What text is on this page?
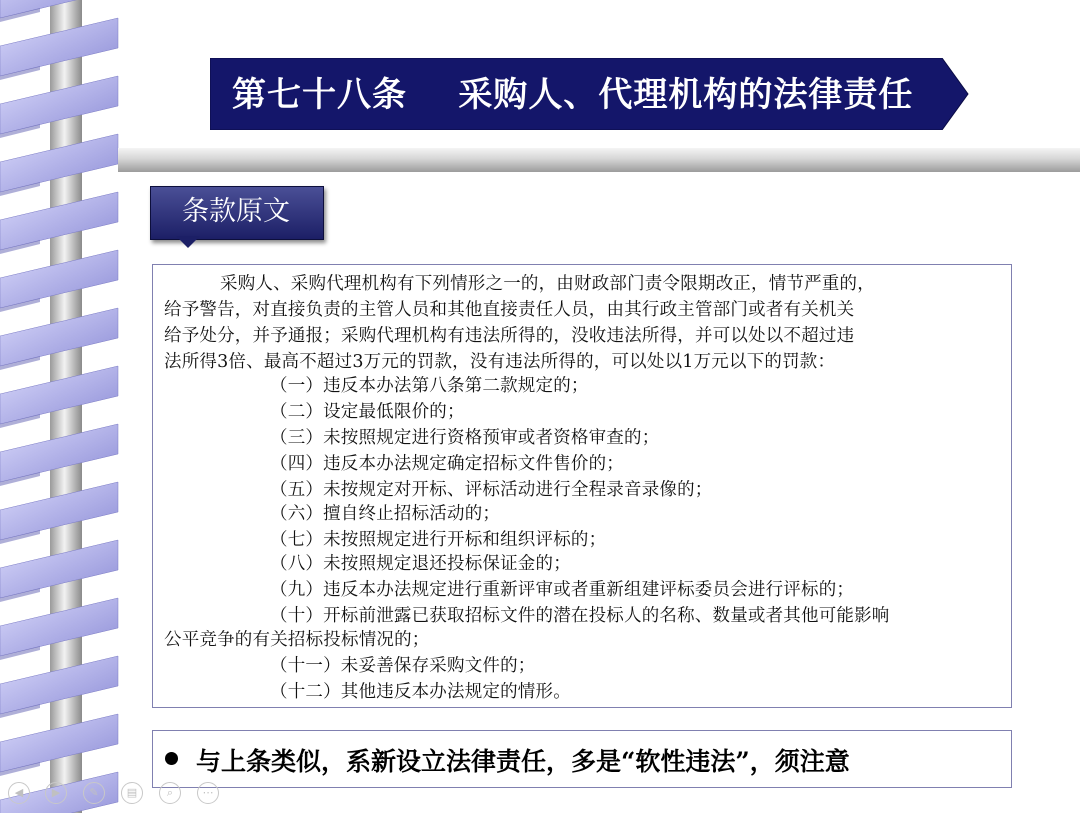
第七十八条 采购人、代理机构的法律责任
条款原文
采购人、采购代理机构有下列情形之一的，由财政部门责令限期改正，情节严重的，
给予警告，对直接负责的主管人员和其他直接责任人员，由其行政主管部门或者有关机关
给予处分，并予通报；采购代理机构有违法所得的，没收违法所得，并可以处以不超过违
法所得3倍、最高不超过3万元的罚款，没有违法所得的，可以处以1万元以下的罚款：
（一）违反本办法第八条第二款规定的；
（二）设定最低限价的；
（三）未按照规定进行资格预审或者资格审查的；
（四）违反本办法规定确定招标文件售价的；
（五）未按规定对开标、评标活动进行全程录音录像的；
（六）擅自终止招标活动的；
（七）未按照规定进行开标和组织评标的；
（八）未按照规定退还投标保证金的；
（九）违反本办法规定进行重新评审或者重新组建评标委员会进行评标的；
（十）开标前泄露已获取招标文件的潜在投标人的名称、数量或者其他可能影响
公平竞争的有关招标投标情况的；
（十一）未妥善保存采购文件的；
（十二）其他违反本办法规定的情形。
与上条类似，系新设立法律责任，多是“软性违法”，须注意
◀	▶	✎	▤	⌕	⋯
